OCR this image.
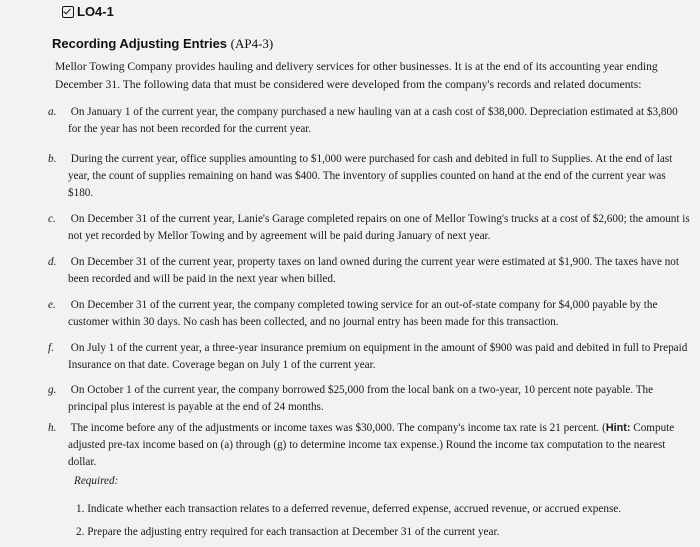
LO4-1
Recording Adjusting Entries (AP4-3)
Mellor Towing Company provides hauling and delivery services for other businesses. It is at the end of its accounting year ending December 31. The following data that must be considered were developed from the company's records and related documents:
a. On January 1 of the current year, the company purchased a new hauling van at a cash cost of $38,000. Depreciation estimated at $3,800 for the year has not been recorded for the current year.
b. During the current year, office supplies amounting to $1,000 were purchased for cash and debited in full to Supplies. At the end of last year, the count of supplies remaining on hand was $400. The inventory of supplies counted on hand at the end of the current year was $180.
c. On December 31 of the current year, Lanie's Garage completed repairs on one of Mellor Towing's trucks at a cost of $2,600; the amount is not yet recorded by Mellor Towing and by agreement will be paid during January of next year.
d. On December 31 of the current year, property taxes on land owned during the current year were estimated at $1,900. The taxes have not been recorded and will be paid in the next year when billed.
e. On December 31 of the current year, the company completed towing service for an out-of-state company for $4,000 payable by the customer within 30 days. No cash has been collected, and no journal entry has been made for this transaction.
f. On July 1 of the current year, a three-year insurance premium on equipment in the amount of $900 was paid and debited in full to Prepaid Insurance on that date. Coverage began on July 1 of the current year.
g. On October 1 of the current year, the company borrowed $25,000 from the local bank on a two-year, 10 percent note payable. The principal plus interest is payable at the end of 24 months.
h. The income before any of the adjustments or income taxes was $30,000. The company's income tax rate is 21 percent. (Hint: Compute adjusted pre-tax income based on (a) through (g) to determine income tax expense.) Round the income tax computation to the nearest dollar.
Required:
1. Indicate whether each transaction relates to a deferred revenue, deferred expense, accrued revenue, or accrued expense.
2. Prepare the adjusting entry required for each transaction at December 31 of the current year.
